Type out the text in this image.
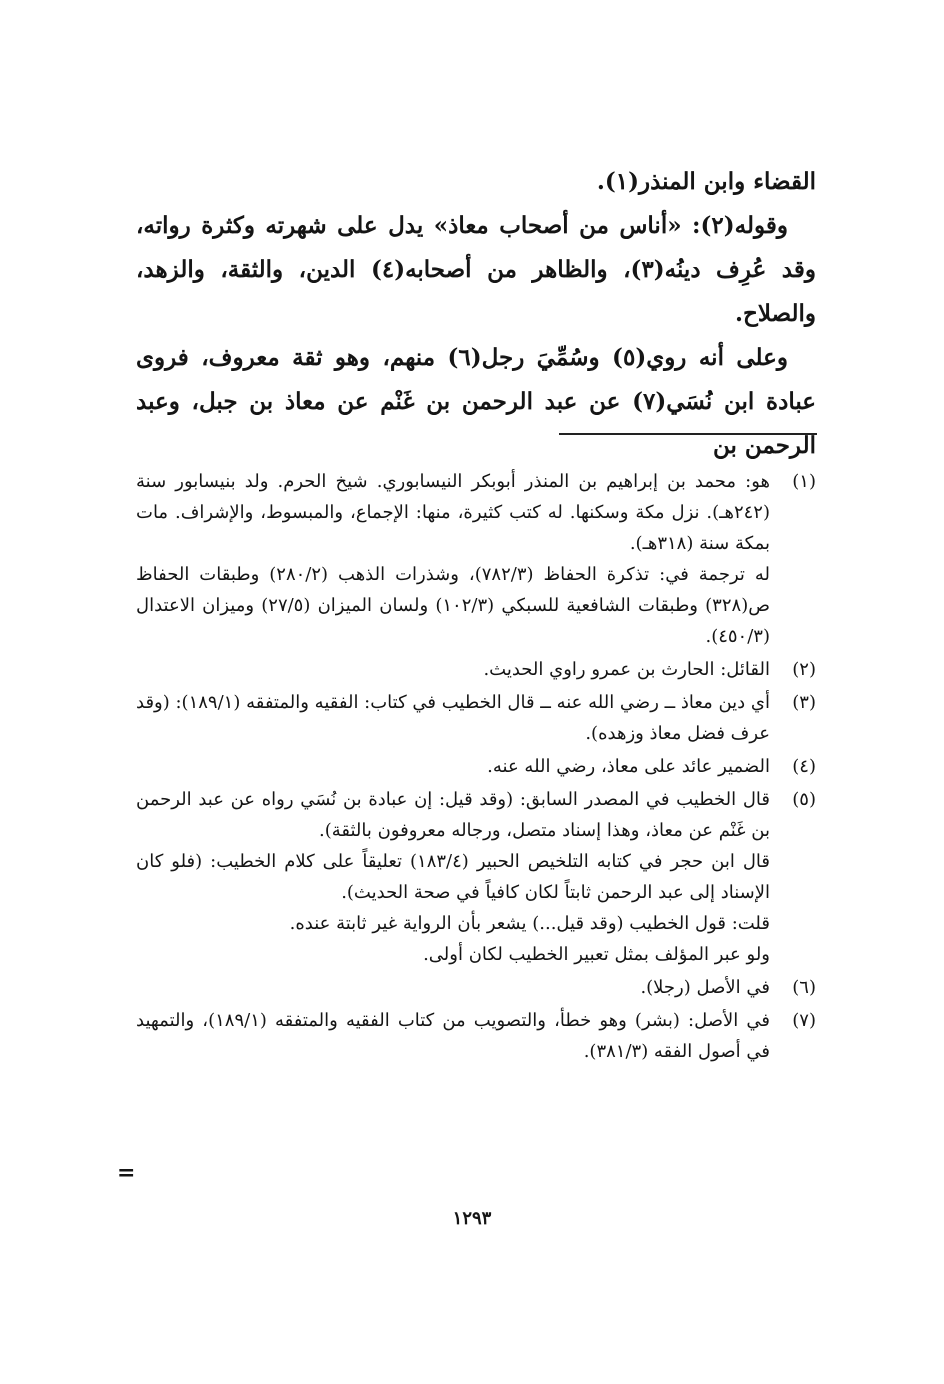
القضاء وابن المنذر(١).

وقوله(٢): «أناس من أصحاب معاذ» يدل على شهرته وكثرة رواته، وقد عُرِف دينُه(٣)، والظاهر من أصحابه(٤) الدين، والثقة، والزهد، والصلاح.

وعلى أنه روي(٥) وسُمِّيَ رجل(٦) منهم، وهو ثقة معروف، فروى عبادة ابن نُسَي(٧) عن عبد الرحمن بن غَنْم عن معاذ بن جبل، وعبد الرحمن بن

(١)

هو: محمد بن إبراهيم بن المنذر أبوبكر النيسابوري. شيخ الحرم. ولد بنيسابور سنة (٢٤٢هـ). نزل مكة وسكنها. له كتب كثيرة، منها: الإجماع، والمبسوط، والإشراف. مات بمكة سنة (٣١٨هـ).

له ترجمة في: تذكرة الحفاظ (٧٨٢/٣)، وشذرات الذهب (٢٨٠/٢) وطبقات الحفاظ ص(٣٢٨) وطبقات الشافعية للسبكي (١٠٢/٣) ولسان الميزان (٢٧/٥) وميزان الاعتدال (٤٥٠/٣).

(٢)

القائل: الحارث بن عمرو راوي الحديث.

(٣)

أي دين معاذ ــ رضي الله عنه ــ قال الخطيب في كتاب: الفقيه والمتفقه (١٨٩/١): (وقد عرف فضل معاذ وزهده).

(٤)

الضمير عائد على معاذ، رضي الله عنه.

(٥)

قال الخطيب في المصدر السابق: (وقد قيل: إن عبادة بن نُسَي رواه عن عبد الرحمن بن غَنْم عن معاذ، وهذا إسناد متصل، ورجاله معروفون بالثقة).

قال ابن حجر في كتابه التلخيص الحبير (١٨٣/٤) تعليقاً على كلام الخطيب: (فلو كان الإسناد إلى عبد الرحمن ثابتاً لكان كافياً في صحة الحديث).

قلت: قول الخطيب (وقد قيل...) يشعر بأن الرواية غير ثابتة عنده.

ولو عبر المؤلف بمثل تعبير الخطيب لكان أولى.

(٦)

في الأصل (رجلا).

(٧)

في الأصل: (بشر) وهو خطأ، والتصويب من كتاب الفقيه والمتفقه (١٨٩/١)، والتمهيد في أصول الفقه (٣٨١/٣).

=
١٢٩٣
